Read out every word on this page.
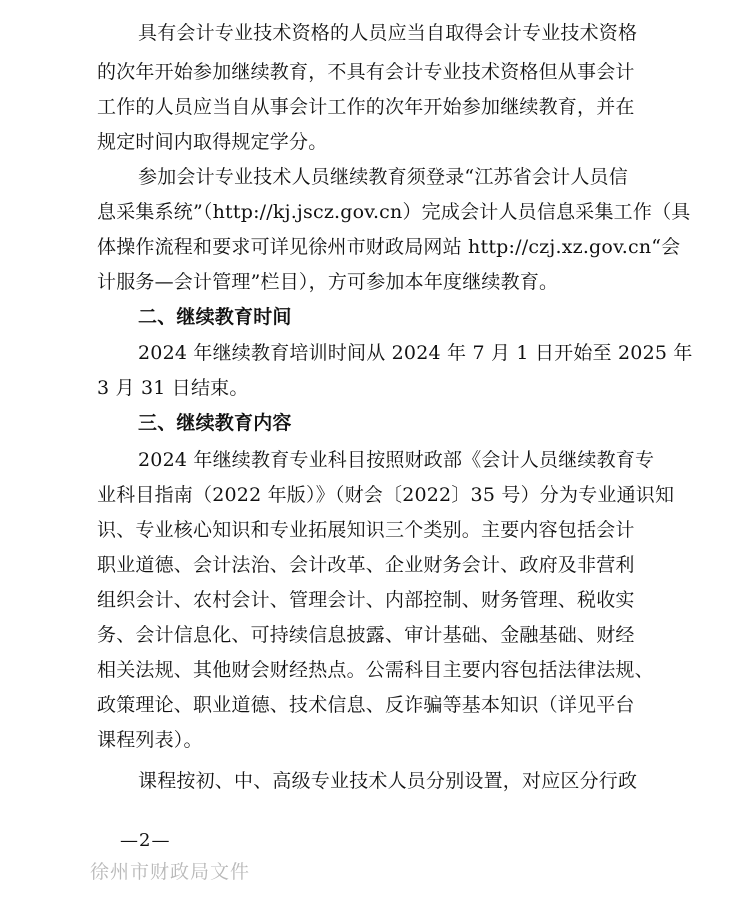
具有会计专业技术资格的人员应当自取得会计专业技术资格
的次年开始参加继续教育，不具有会计专业技术资格但从事会计
工作的人员应当自从事会计工作的次年开始参加继续教育，并在
规定时间内取得规定学分。
参加会计专业技术人员继续教育须登录“江苏省会计人员信
息采集系统”（http://kj.jscz.gov.cn）完成会计人员信息采集工作（具
体操作流程和要求可详见徐州市财政局网站 http://czj.xz.gov.cn“会
计服务—会计管理”栏目），方可参加本年度继续教育。
二、继续教育时间
2024 年继续教育培训时间从 2024 年 7 月 1 日开始至 2025 年
3 月 31 日结束。
三、继续教育内容
2024 年继续教育专业科目按照财政部《会计人员继续教育专
业科目指南（2022 年版）》（财会〔2022〕35 号）分为专业通识知
识、专业核心知识和专业拓展知识三个类别。主要内容包括会计
职业道德、会计法治、会计改革、企业财务会计、政府及非营利
组织会计、农村会计、管理会计、内部控制、财务管理、税收实
务、会计信息化、可持续信息披露、审计基础、金融基础、财经
相关法规、其他财会财经热点。公需科目主要内容包括法律法规、
政策理论、职业道德、技术信息、反诈骗等基本知识（详见平台
课程列表）。
课程按初、中、高级专业技术人员分别设置，对应区分行政
—2—
徐州市财政局文件
